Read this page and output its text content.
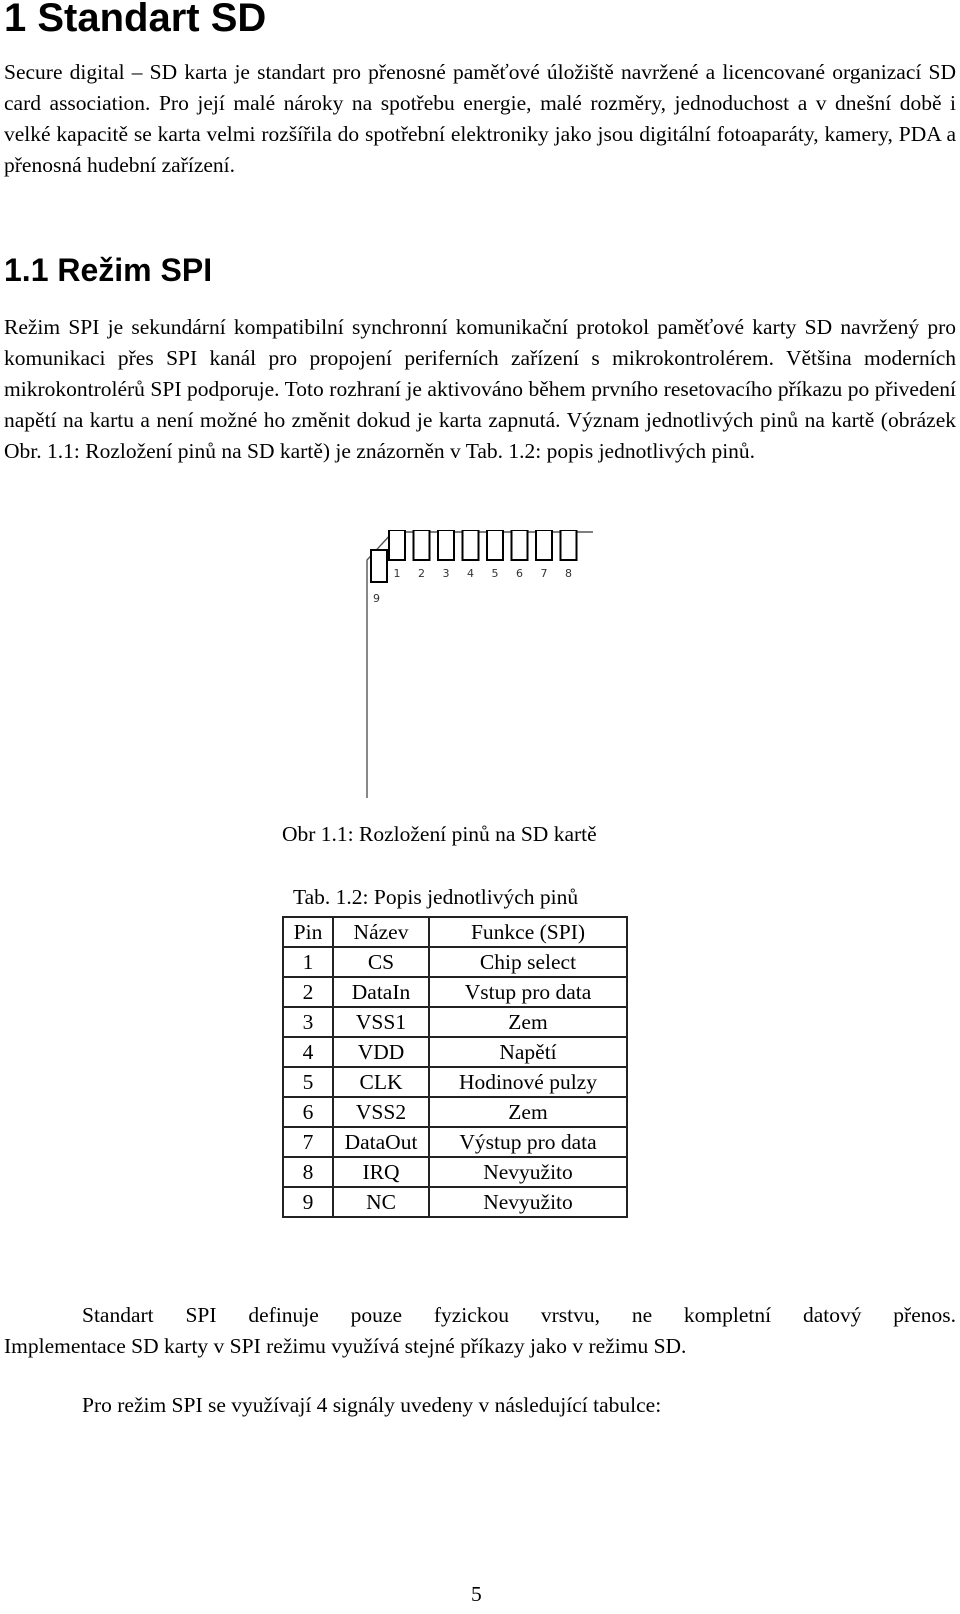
1 Standart SD

Secure digital – SD karta je standart pro přenosné paměťové úložiště navržené a licencované organizací SD card association. Pro její malé nároky na spotřebu energie, malé rozměry, jednoduchost a v dnešní době i velké kapacitě se karta velmi rozšířila do spotřební elektroniky jako jsou digitální fotoaparáty, kamery, PDA a přenosná hudební zařízení.

1.1 Režim SPI

Režim SPI je sekundární kompatibilní synchronní komunikační protokol paměťové karty SD navržený pro komunikaci přes SPI kanál pro propojení periferních zařízení s mikrokontrolérem. Většina moderních mikrokontrolérů SPI podporuje. Toto rozhraní je aktivováno během prvního resetovacího příkazu po přivedení napětí na kartu a není možné ho změnit dokud je karta zapnutá. Význam jednotlivých pinů na kartě (obrázek Obr. 1.1: Rozložení pinů na SD kartě) je znázorněn v Tab. 1.2: popis jednotlivých pinů.

1 2 3 4 5 6 7 8
9
Obr 1.1: Rozložení pinů na SD kartě
Tab. 1.2: Popis jednotlivých pinů
Pin	Název	Funkce (SPI)
1	CS	Chip select
2	DataIn	Vstup pro data
3	VSS1	Zem
4	VDD	Napětí
5	CLK	Hodinové pulzy
6	VSS2	Zem
7	DataOut	Výstup pro data
8	IRQ	Nevyužito
9	NC	Nevyužito
Standart SPI definuje pouze fyzickou vrstvu, ne kompletní datový přenos.
Implementace SD karty v SPI režimu využívá stejné příkazy jako v režimu SD.
Pro režim SPI se využívají 4 signály uvedeny v následující tabulce:
5
